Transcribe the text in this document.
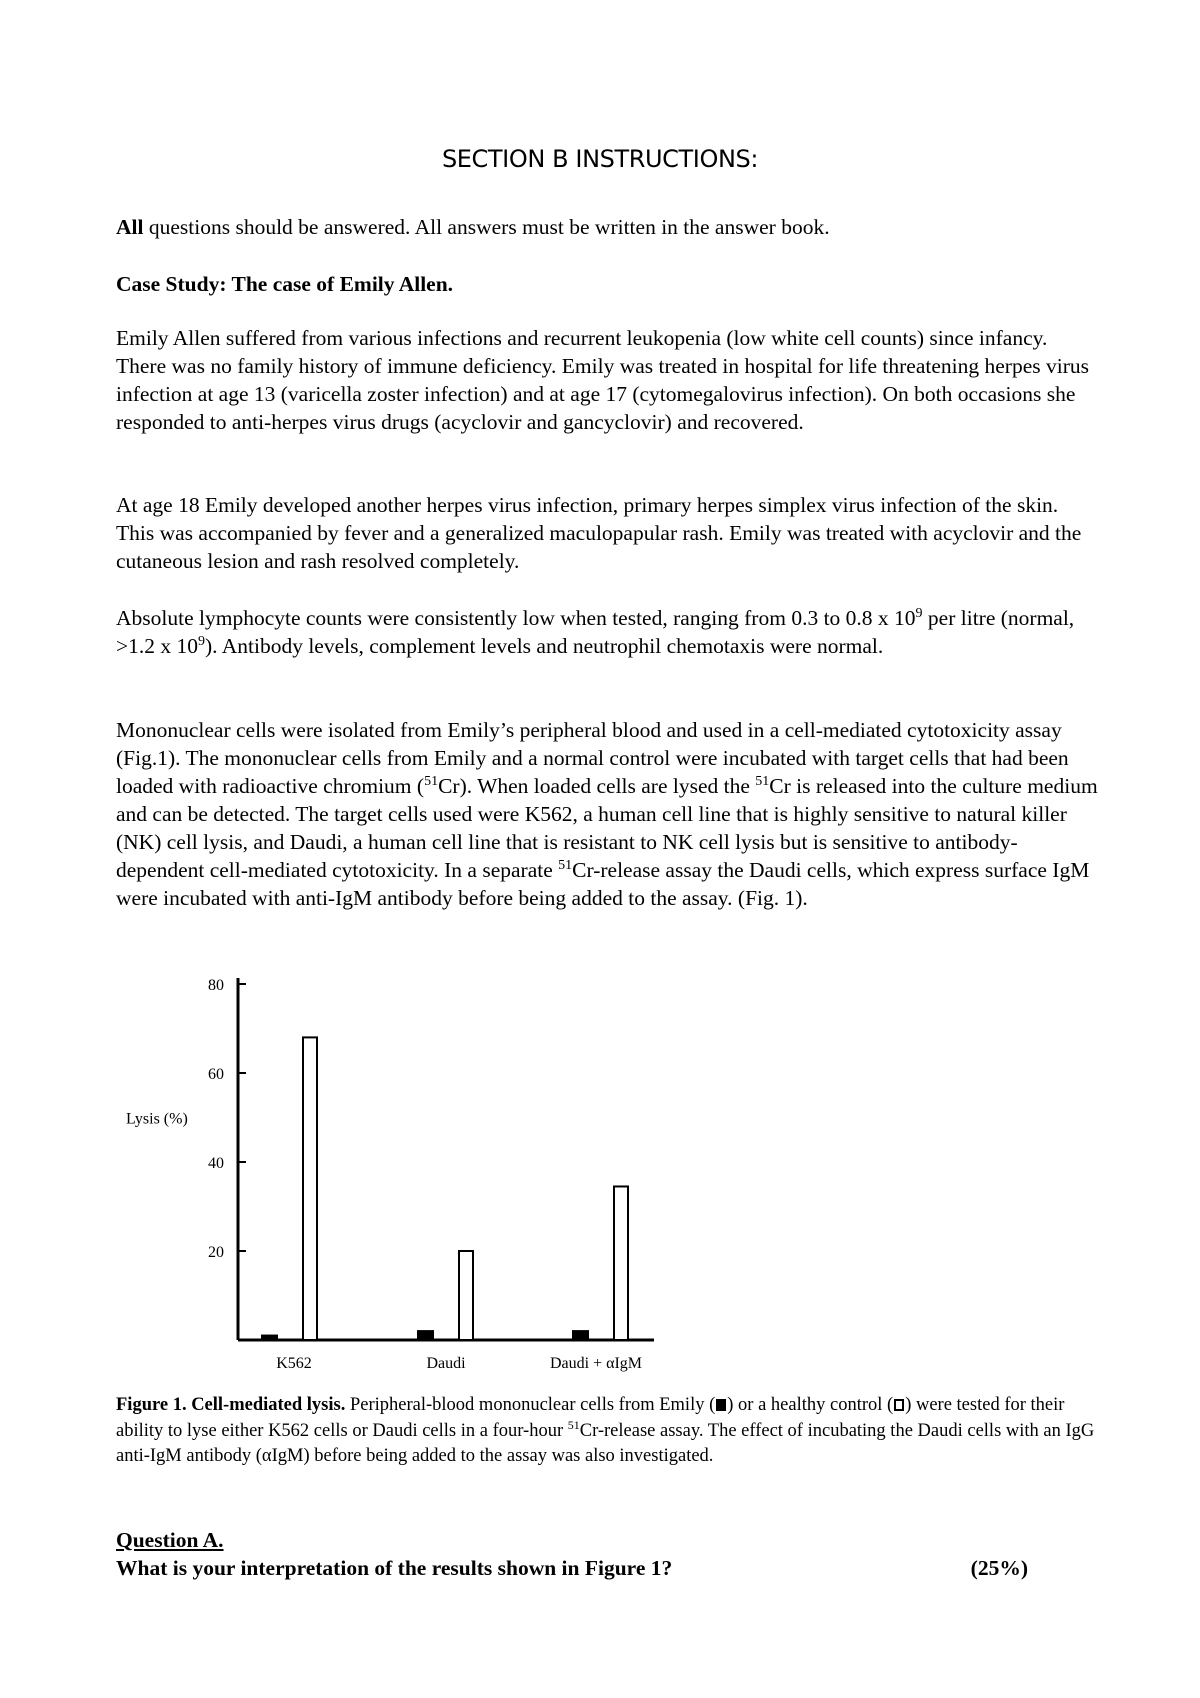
SECTION B INSTRUCTIONS:

All questions should be answered. All answers must be written in the answer book.

Case Study: The case of Emily Allen.

Emily Allen suffered from various infections and recurrent leukopenia (low white cell counts) since infancy. There was no family history of immune deficiency. Emily was treated in hospital for life threatening herpes virus infection at age 13 (varicella zoster infection) and at age 17 (cytomegalovirus infection). On both occasions she responded to anti-herpes virus drugs (acyclovir and gancyclovir) and recovered.

At age 18 Emily developed another herpes virus infection, primary herpes simplex virus infection of the skin. This was accompanied by fever and a generalized maculopapular rash. Emily was treated with acyclovir and the cutaneous lesion and rash resolved completely.

Absolute lymphocyte counts were consistently low when tested, ranging from 0.3 to 0.8 x $10^9$ per litre (normal, >1.2 x $10^9$). Antibody levels, complement levels and neutrophil chemotaxis were normal.

Mononuclear cells were isolated from Emily’s peripheral blood and used in a cell-mediated cytotoxicity assay (Fig.1). The mononuclear cells from Emily and a normal control were incubated with target cells that had been loaded with radioactive chromium ($^{51}$Cr). When loaded cells are lysed the $^{51}$Cr is released into the culture medium and can be detected. The target cells used were K562, a human cell line that is highly sensitive to natural killer (NK) cell lysis, and Daudi, a human cell line that is resistant to NK cell lysis but is sensitive to antibody-dependent cell-mediated cytotoxicity. In a separate $^{51}$Cr-release assay the Daudi cells, which express surface IgM were incubated with anti-IgM antibody before being added to the assay. (Fig. 1).

20
40
60
80
Lysis (%)
K562	Daudi	Daudi + αIgM

Figure 1. Cell-mediated lysis. Peripheral-blood mononuclear cells from Emily ( ) or a healthy control ( ) were tested for their ability to lyse either K562 cells or Daudi cells in a four-hour $^{51}$Cr-release assay. The effect of incubating the Daudi cells with an IgG anti-IgM antibody (αIgM) before being added to the assay was also investigated.

Question A.

What is your interpretation of the results shown in Figure 1?	(25%)
